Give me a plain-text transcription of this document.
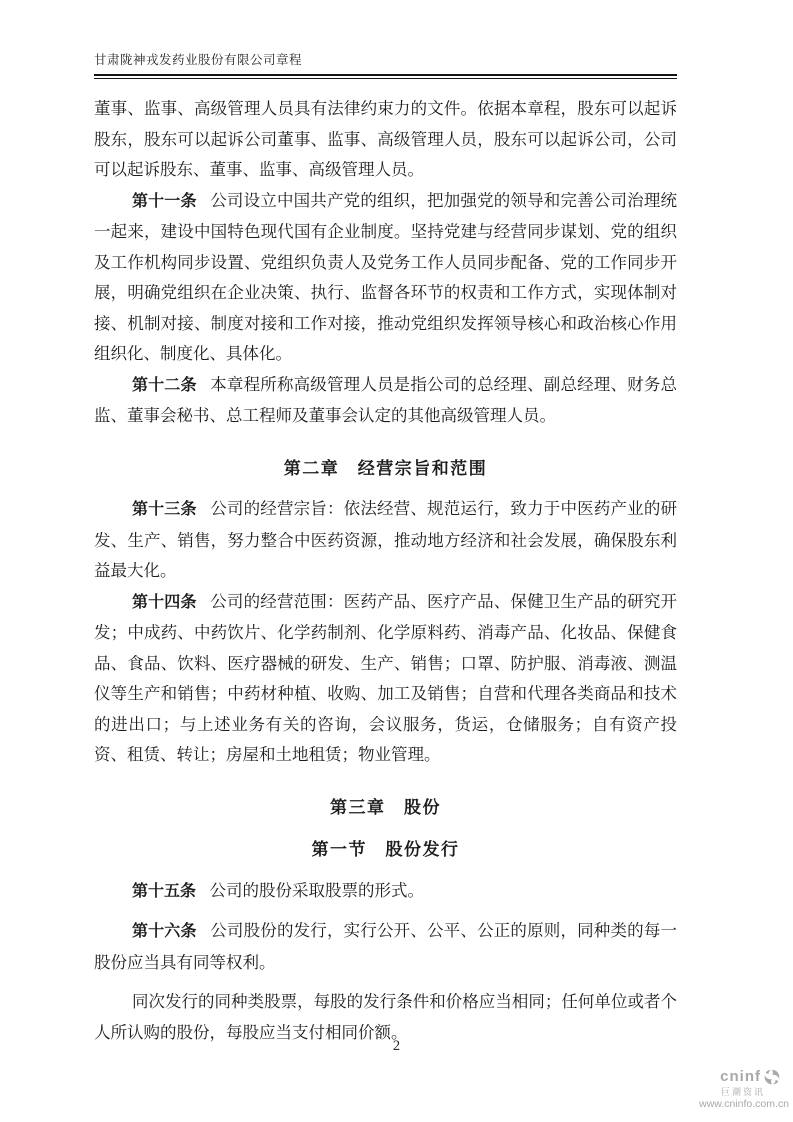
甘肃陇神戎发药业股份有限公司章程

董事、监事、高级管理人员具有法律约束力的文件。依据本章程，股东可以起诉股东，股东可以起诉公司董事、监事、高级管理人员，股东可以起诉公司，公司可以起诉股东、董事、监事、高级管理人员。

第十一条 公司设立中国共产党的组织，把加强党的领导和完善公司治理统一起来，建设中国特色现代国有企业制度。坚持党建与经营同步谋划、党的组织及工作机构同步设置、党组织负责人及党务工作人员同步配备、党的工作同步开展，明确党组织在企业决策、执行、监督各环节的权责和工作方式，实现体制对接、机制对接、制度对接和工作对接，推动党组织发挥领导核心和政治核心作用组织化、制度化、具体化。

第十二条 本章程所称高级管理人员是指公司的总经理、副总经理、财务总监、董事会秘书、总工程师及董事会认定的其他高级管理人员。

第二章　经营宗旨和范围

第十三条 公司的经营宗旨：依法经营、规范运行，致力于中医药产业的研发、生产、销售，努力整合中医药资源，推动地方经济和社会发展，确保股东利益最大化。

第十四条 公司的经营范围：医药产品、医疗产品、保健卫生产品的研究开发；中成药、中药饮片、化学药制剂、化学原料药、消毒产品、化妆品、保健食品、食品、饮料、医疗器械的研发、生产、销售；口罩、防护服、消毒液、测温仪等生产和销售；中药材种植、收购、加工及销售；自营和代理各类商品和技术的进出口；与上述业务有关的咨询，会议服务，货运，仓储服务；自有资产投资、租赁、转让；房屋和土地租赁；物业管理。

第三章　股份
第一节　股份发行

第十五条 公司的股份采取股票的形式。

第十六条 公司股份的发行，实行公开、公平、公正的原则，同种类的每一股份应当具有同等权利。

同次发行的同种类股票，每股的发行条件和价格应当相同；任何单位或者个人所认购的股份，每股应当支付相同价额。

2
cninf
巨潮资讯
www.cninfo.com.cn
